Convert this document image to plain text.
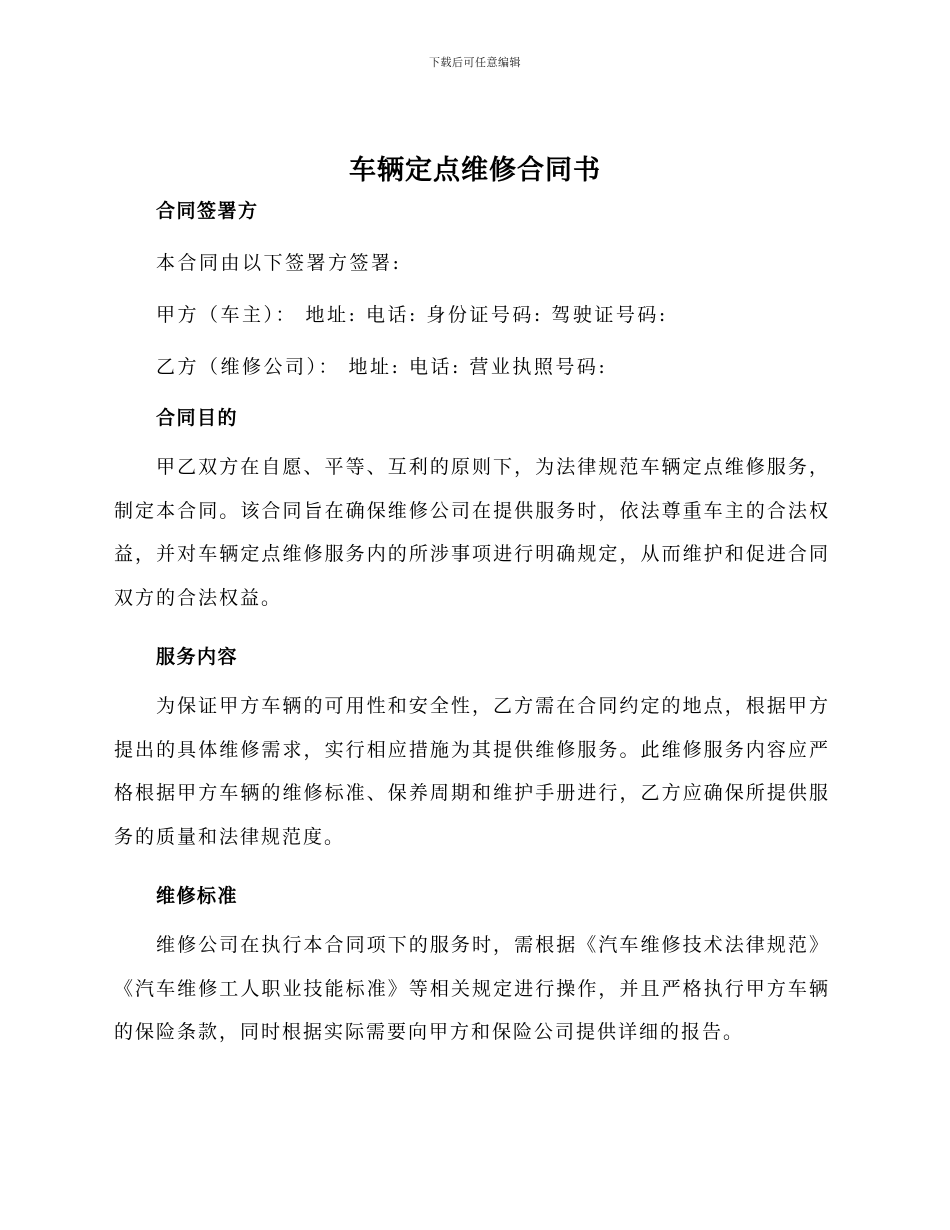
下载后可任意编辑
车辆定点维修合同书
合同签署方
本合同由以下签署方签署:
甲方（车主）： 地址: 电话: 身份证号码: 驾驶证号码:
乙方（维修公司）： 地址: 电话: 营业执照号码:
合同目的
甲乙双方在自愿、平等、互利的原则下，为法律规范车辆定点维修服务，制定本合同。该合同旨在确保维修公司在提供服务时，依法尊重车主的合法权益，并对车辆定点维修服务内的所涉事项进行明确规定，从而维护和促进合同双方的合法权益。
服务内容
为保证甲方车辆的可用性和安全性，乙方需在合同约定的地点，根据甲方提出的具体维修需求，实行相应措施为其提供维修服务。此维修服务内容应严格根据甲方车辆的维修标准、保养周期和维护手册进行，乙方应确保所提供服务的质量和法律规范度。
维修标准
维修公司在执行本合同项下的服务时，需根据《汽车维修技术法律规范》《汽车维修工人职业技能标准》等相关规定进行操作，并且严格执行甲方车辆的保险条款，同时根据实际需要向甲方和保险公司提供详细的报告。
